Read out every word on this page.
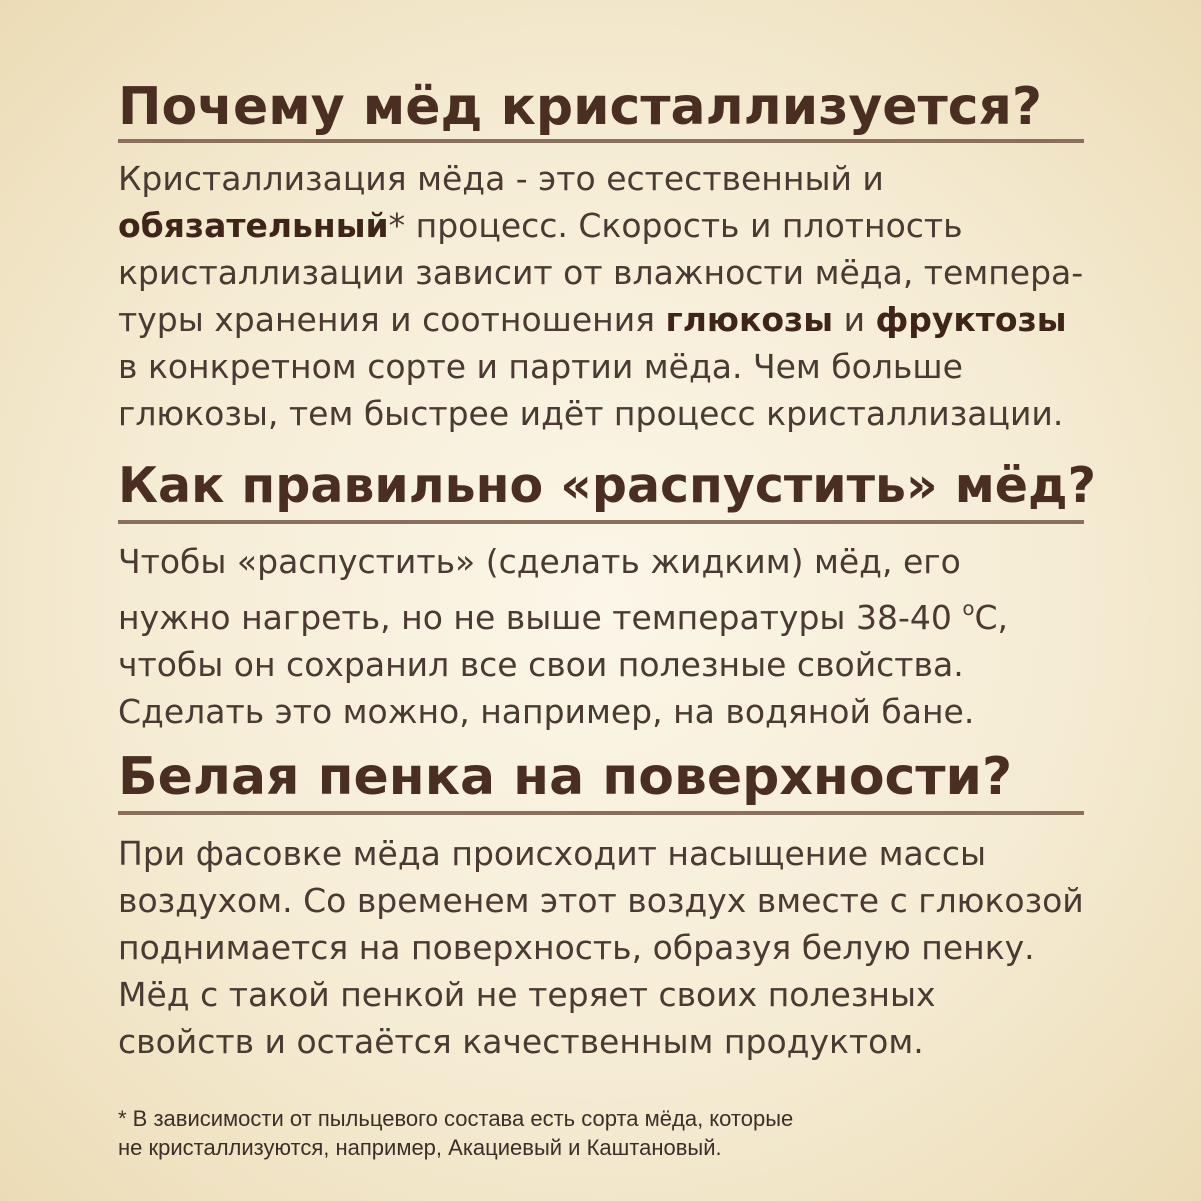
Почему мёд кристаллизуется?

Кристаллизация мёда - это естественный и
обязательный* процесс. Скорость и плотность
кристаллизации зависит от влажности мёда, темпера-
туры хранения и соотношения глюкозы и фруктозы
в конкретном сорте и партии мёда. Чем больше
глюкозы, тем быстрее идёт процесс кристаллизации.

Как правильно «распустить» мёд?

Чтобы «распустить» (сделать жидким) мёд, его
нужно нагреть, но не выше температуры 38-40 $^о$С,
чтобы он сохранил все свои полезные свойства.
Сделать это можно, например, на водяной бане.

Белая пенка на поверхности?

При фасовке мёда происходит насыщение массы
воздухом. Со временем этот воздух вместе с глюкозой
поднимается на поверхность, образуя белую пенку.
Мёд с такой пенкой не теряет своих полезных
свойств и остаётся качественным продуктом.

* В зависимости от пыльцевого состава есть сорта мёда, которые
не кристаллизуются, например, Акациевый и Каштановый.
